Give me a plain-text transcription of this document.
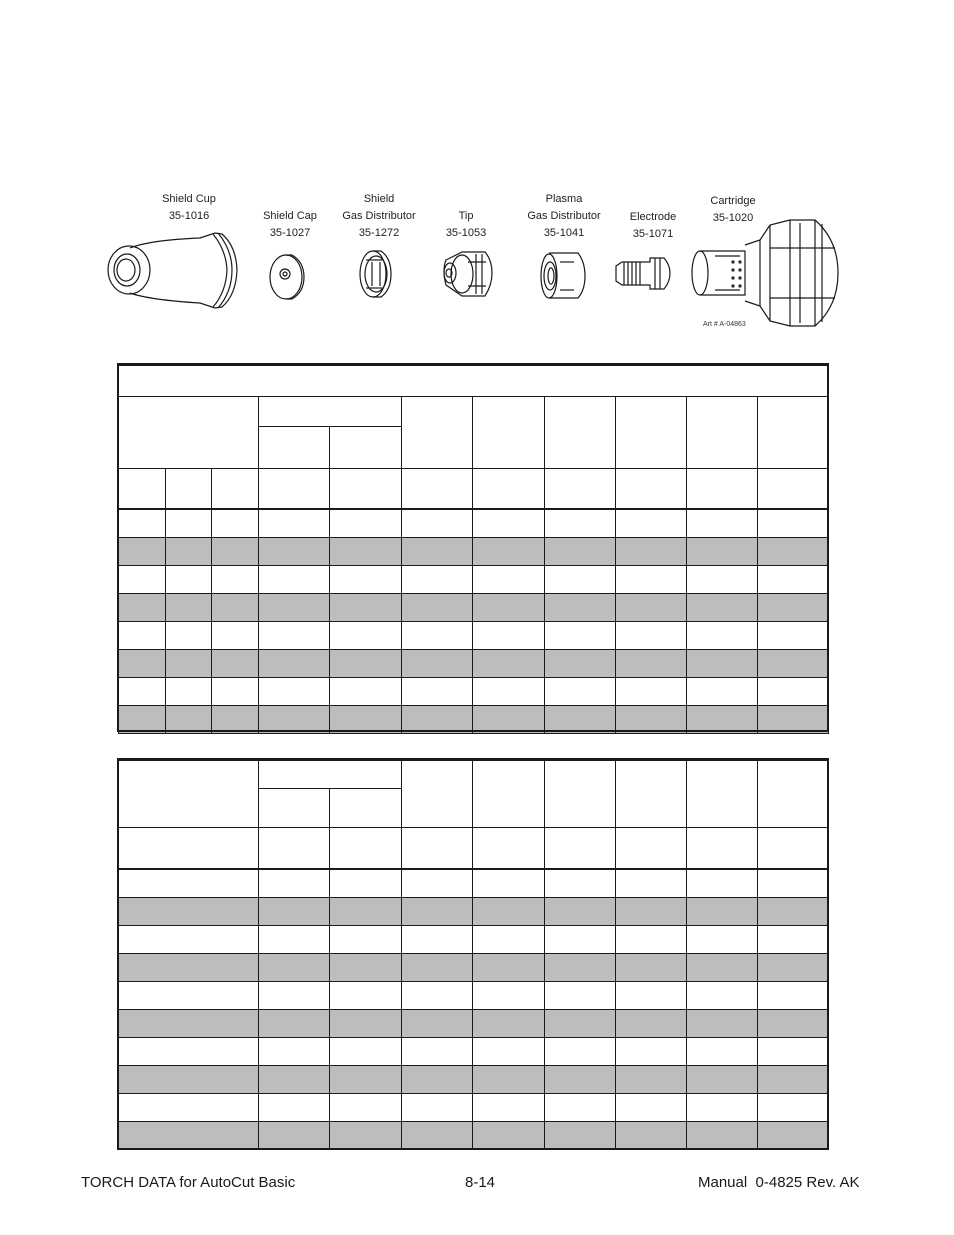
Shield Cup
35-1016	Shield Cap
35-1027
Shield
Gas Distributor
35-1272
Tip
35-1053
Plasma
Gas Distributor
35-1041
Electrode
35-1071
Cartridge
35-1020
Art # A-04863

TORCH DATA for AutoCut Basic	8-14	Manual  0-4825 Rev. AK
